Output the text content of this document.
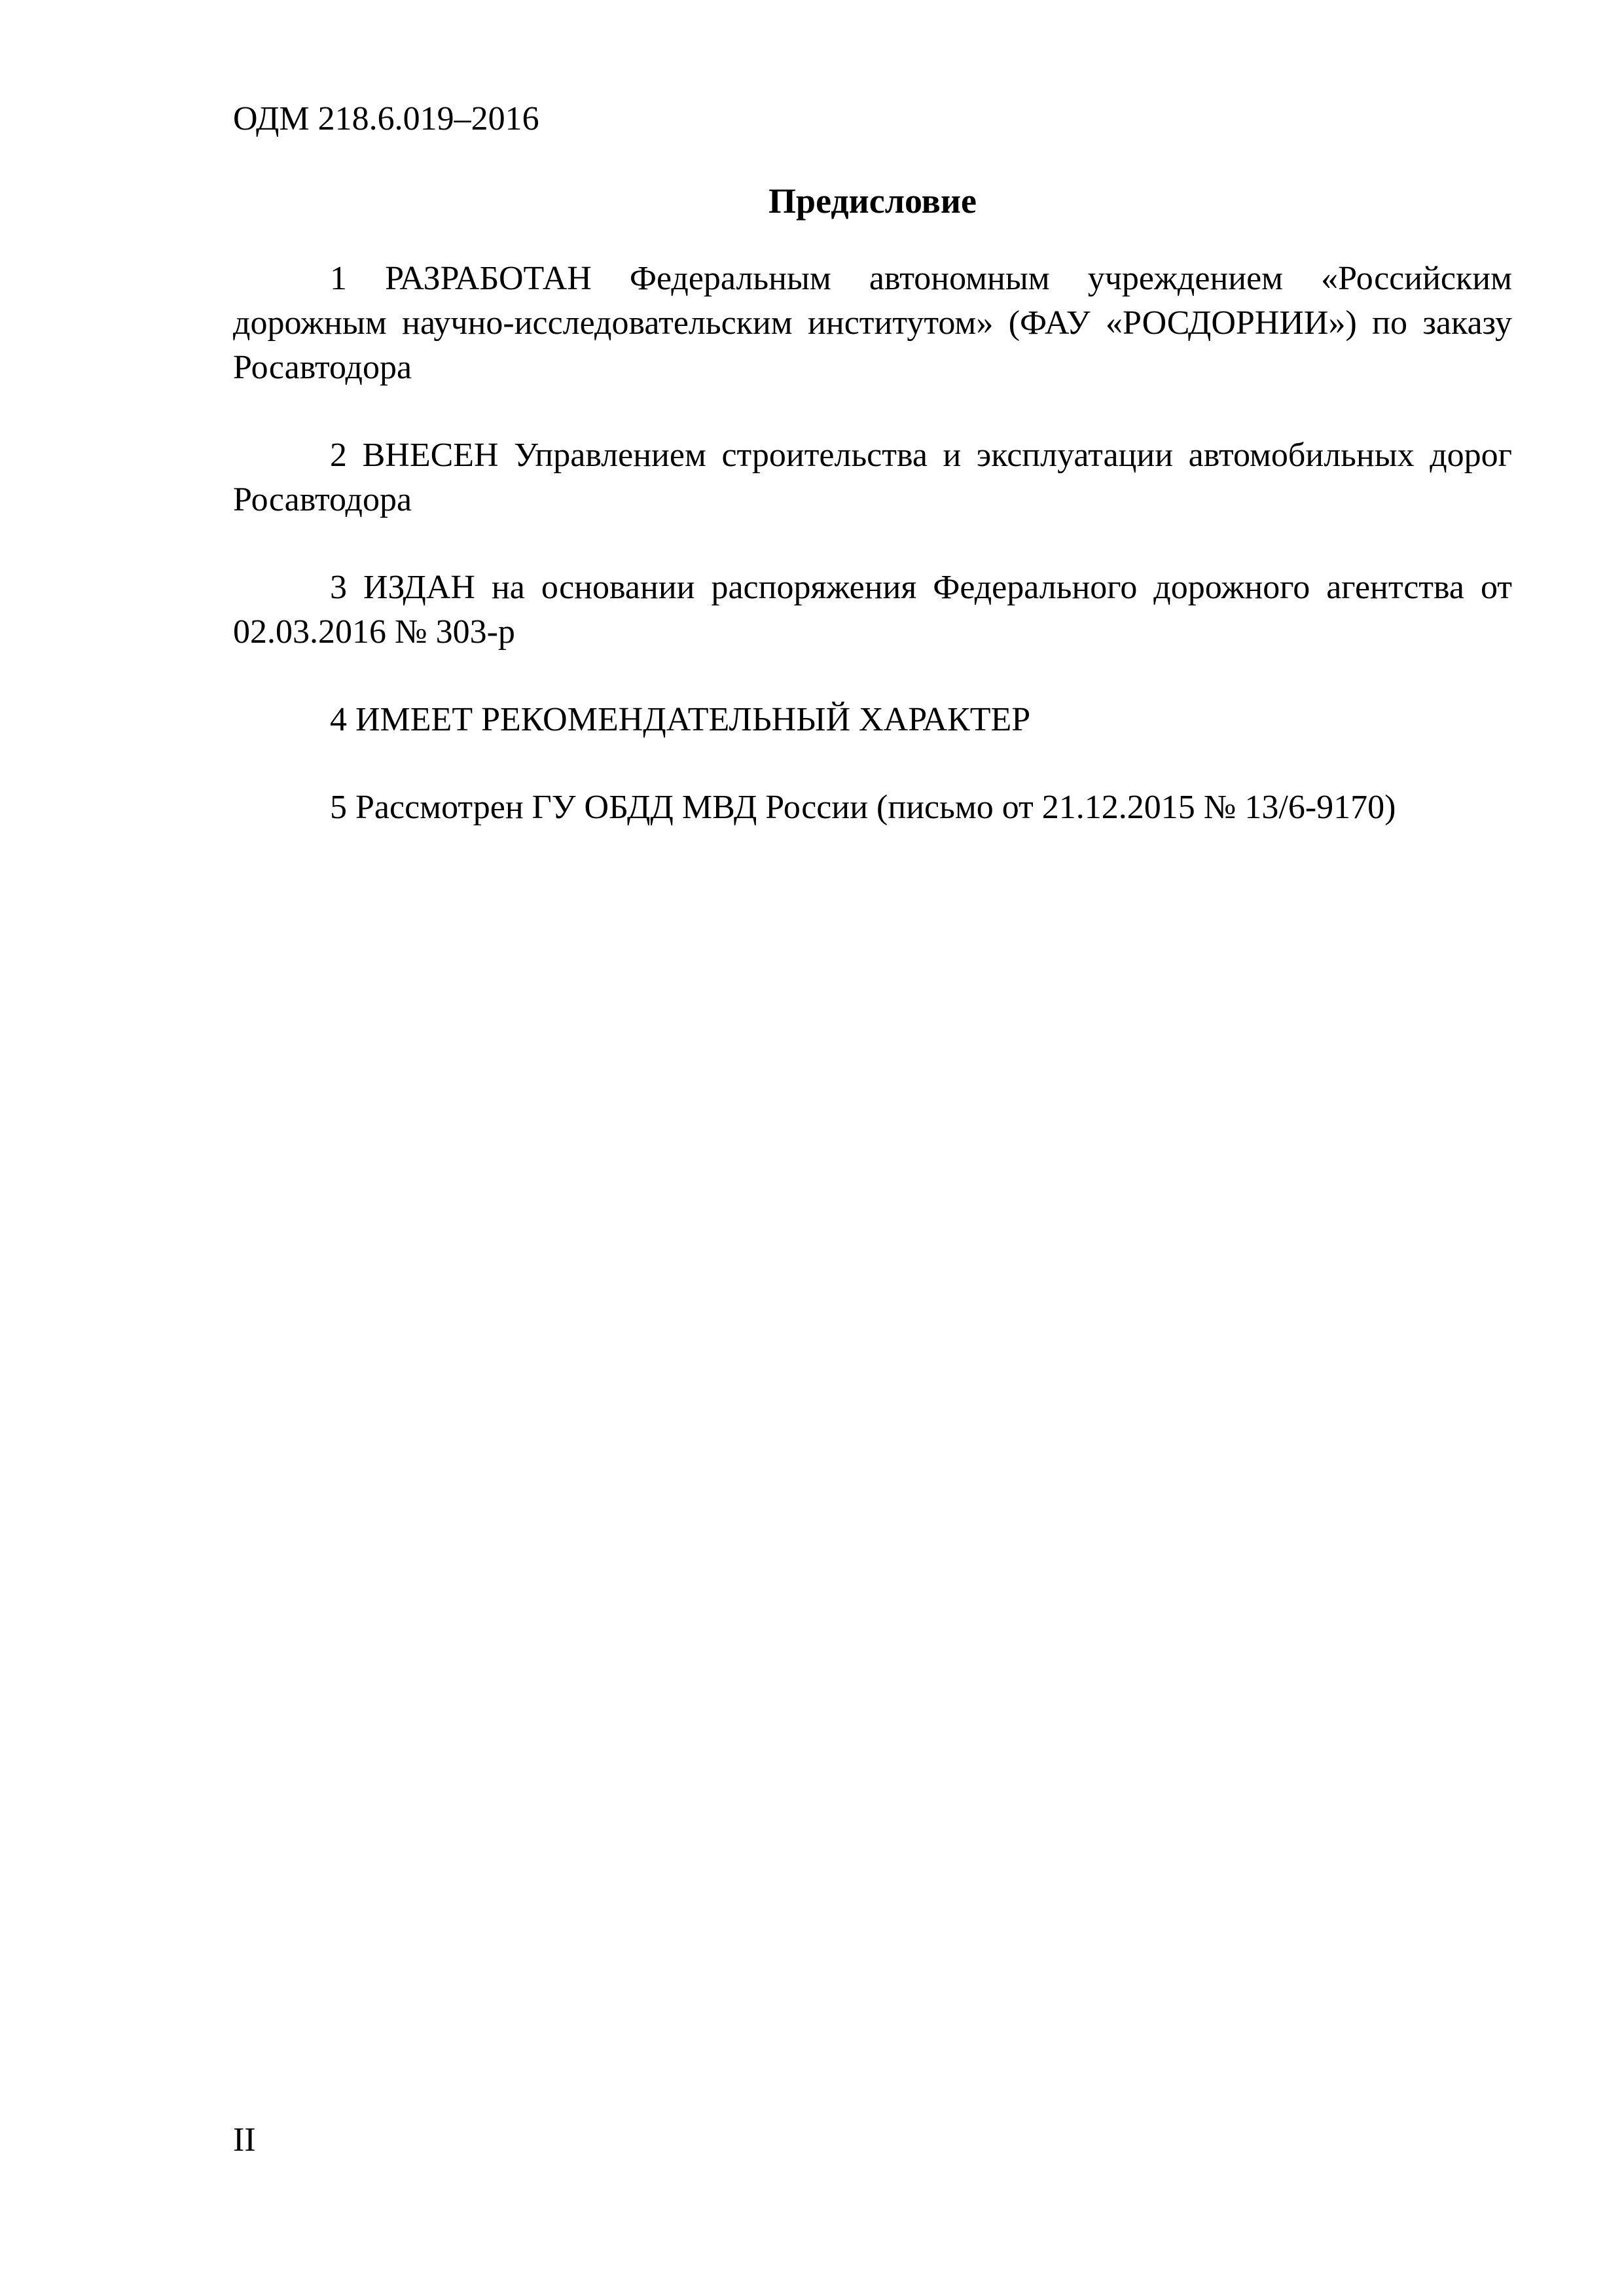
ОДМ 218.6.019–2016
Предисловие

1 РАЗРАБОТАН Федеральным автономным учреждением «Российским дорожным научно-исследовательским институтом» (ФАУ «РОСДОРНИИ») по заказу Росавтодора

2 ВНЕСЕН Управлением строительства и эксплуатации автомобильных дорог Росавтодора

3 ИЗДАН на основании распоряжения Федерального дорожного агентства от 02.03.2016 № 303-р

4 ИМЕЕТ РЕКОМЕНДАТЕЛЬНЫЙ ХАРАКТЕР

5 Рассмотрен ГУ ОБДД МВД России (письмо от 21.12.2015 № 13/6-9170)

II
